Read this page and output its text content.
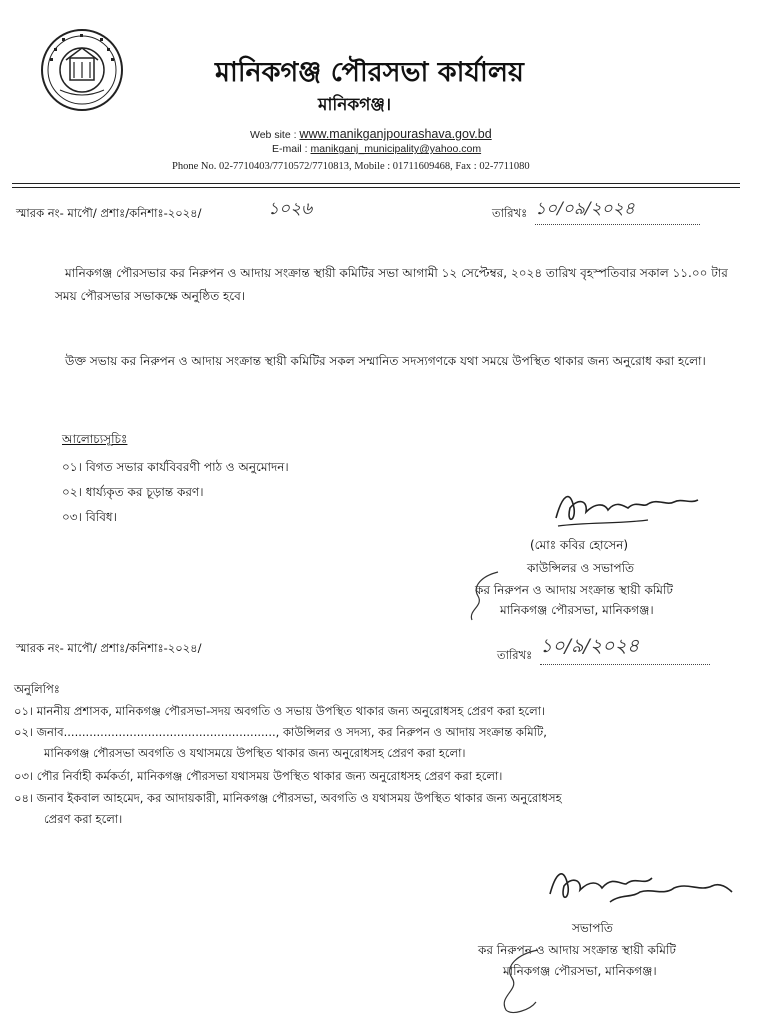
মানিকগঞ্জ পৌরসভা কার্যালয়
মানিকগঞ্জ।
Web site : www.manikganjpourashava.gov.bd
E-mail : manikganj_municipality@yahoo.com
Phone No. 02-7710403/7710572/7710813, Mobile : 01711609468, Fax : 02-7711080
স্মারক নং- মাপৌ/ প্রশাঃ/কনিশাঃ-২০২৪/	১০২৬	তারিখঃ ১০/০৯/২০২৪
মানিকগঞ্জ পৌরসভার কর নিরুপন ও আদায় সংক্রান্ত স্থায়ী কমিটির সভা আগামী ১২ সেপ্টেম্বর, ২০২৪ তারিখ বৃহস্পতিবার সকাল ১১.০০ টার সময় পৌরসভার সভাকক্ষে অনুষ্ঠিত হবে।
উক্ত সভায় কর নিরুপন ও আদায় সংক্রান্ত স্থায়ী কমিটির সকল সম্মানিত সদস্যগণকে যথা সময়ে উপস্থিত থাকার জন্য অনুরোধ করা হলো।
আলোচ্যসূচিঃ
০১। বিগত সভার কার্যবিবরণী পাঠ ও অনুমোদন।
০২। ধার্য্যকৃত কর চূড়ান্ত করণ।
০৩। বিবিধ।
(মোঃ কবির হোসেন)
কাউন্সিলর ও সভাপতি
কর নিরুপন ও আদায় সংক্রান্ত স্থায়ী কমিটি
মানিকগঞ্জ পৌরসভা, মানিকগঞ্জ।
স্মারক নং- মাপৌ/ প্রশাঃ/কনিশাঃ-২০২৪/	তারিখঃ ১০/৯/২০২৪
অনুলিপিঃ
০১। মাননীয় প্রশাসক, মানিকগঞ্জ পৌরসভা-সদয় অবগতি ও সভায় উপস্থিত থাকার জন্য অনুরোধসহ প্রেরণ করা হলো।
০২। জনাব.........................................................., কাউন্সিলর ও সদস্য, কর নিরুপন ও আদায় সংক্রান্ত কমিটি,
মানিকগঞ্জ পৌরসভা অবগতি ও যথাসময়ে উপস্থিত থাকার জন্য অনুরোধসহ প্রেরণ করা হলো।
০৩। পৌর নির্বাহী কর্মকর্তা, মানিকগঞ্জ পৌরসভা যথাসময় উপস্থিত থাকার জন্য অনুরোধসহ প্রেরণ করা হলো।
০৪। জনাব ইকবাল আহমেদ, কর আদায়কারী, মানিকগঞ্জ পৌরসভা, অবগতি ও যথাসময় উপস্থিত থাকার জন্য অনুরোধসহ
প্রেরণ করা হলো।
সভাপতি
কর নিরুপন ও আদায় সংক্রান্ত স্থায়ী কমিটি
মানিকগঞ্জ পৌরসভা, মানিকগঞ্জ।
